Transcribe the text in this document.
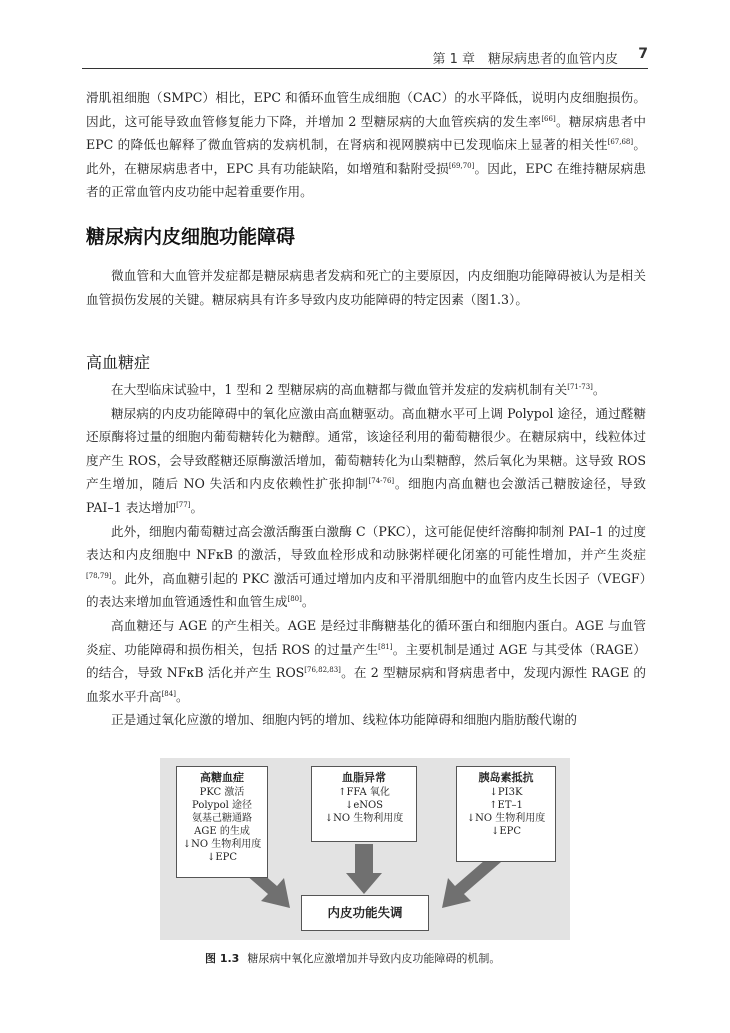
第 1 章　糖尿病患者的血管内皮 7

滑肌祖细胞（SMPC）相比，EPC 和循环血管生成细胞（CAC）的水平降低，说明内皮细胞损伤。因此，这可能导致血管修复能力下降，并增加 2 型糖尿病的大血管疾病的发生率[66]。糖尿病患者中 EPC 的降低也解释了微血管病的发病机制，在肾病和视网膜病中已发现临床上显著的相关性[67,68]。此外，在糖尿病患者中，EPC 具有功能缺陷，如增殖和黏附受损[69,70]。因此，EPC 在维持糖尿病患者的正常血管内皮功能中起着重要作用。

糖尿病内皮细胞功能障碍

微血管和大血管并发症都是糖尿病患者发病和死亡的主要原因，内皮细胞功能障碍被认为是相关血管损伤发展的关键。糖尿病具有许多导致内皮功能障碍的特定因素（图1.3）。

高血糖症

在大型临床试验中，1 型和 2 型糖尿病的高血糖都与微血管并发症的发病机制有关[71-73]。

糖尿病的内皮功能障碍中的氧化应激由高血糖驱动。高血糖水平可上调 Polypol 途径，通过醛糖还原酶将过量的细胞内葡萄糖转化为糖醇。通常，该途径利用的葡萄糖很少。在糖尿病中，线粒体过度产生 ROS，会导致醛糖还原酶激活增加，葡萄糖转化为山梨糖醇，然后氧化为果糖。这导致 ROS 产生增加，随后 NO 失活和内皮依赖性扩张抑制[74-76]。细胞内高血糖也会激活己糖胺途径，导致 PAI–1 表达增加[77]。

此外，细胞内葡萄糖过高会激活酶蛋白激酶 C（PKC），这可能促使纤溶酶抑制剂 PAI–1 的过度表达和内皮细胞中 NFκB 的激活，导致血栓形成和动脉粥样硬化闭塞的可能性增加，并产生炎症[78,79]。此外，高血糖引起的 PKC 激活可通过增加内皮和平滑肌细胞中的血管内皮生长因子（VEGF）的表达来增加血管通透性和血管生成[80]。

高血糖还与 AGE 的产生相关。AGE 是经过非酶糖基化的循环蛋白和细胞内蛋白。AGE 与血管炎症、功能障碍和损伤相关，包括 ROS 的过量产生[81]。主要机制是通过 AGE 与其受体（RAGE）的结合，导致 NFκB 活化并产生 ROS[76,82,83]。在 2 型糖尿病和肾病患者中，发现内源性 RAGE 的血浆水平升高[84]。

正是通过氧化应激的增加、细胞内钙的增加、线粒体功能障碍和细胞内脂肪酸代谢的

高糖血症
PKC 激活
Polypol 途径
氨基己糖通路
AGE 的生成
↓NO 生物利用度
↓EPC
血脂异常
↑FFA 氧化
↓eNOS
↓NO 生物利用度
胰岛素抵抗
↓PI3K
↑ET–1
↓NO 生物利用度
↓EPC
内皮功能失调
图 1.3 糖尿病中氧化应激增加并导致内皮功能障碍的机制。
